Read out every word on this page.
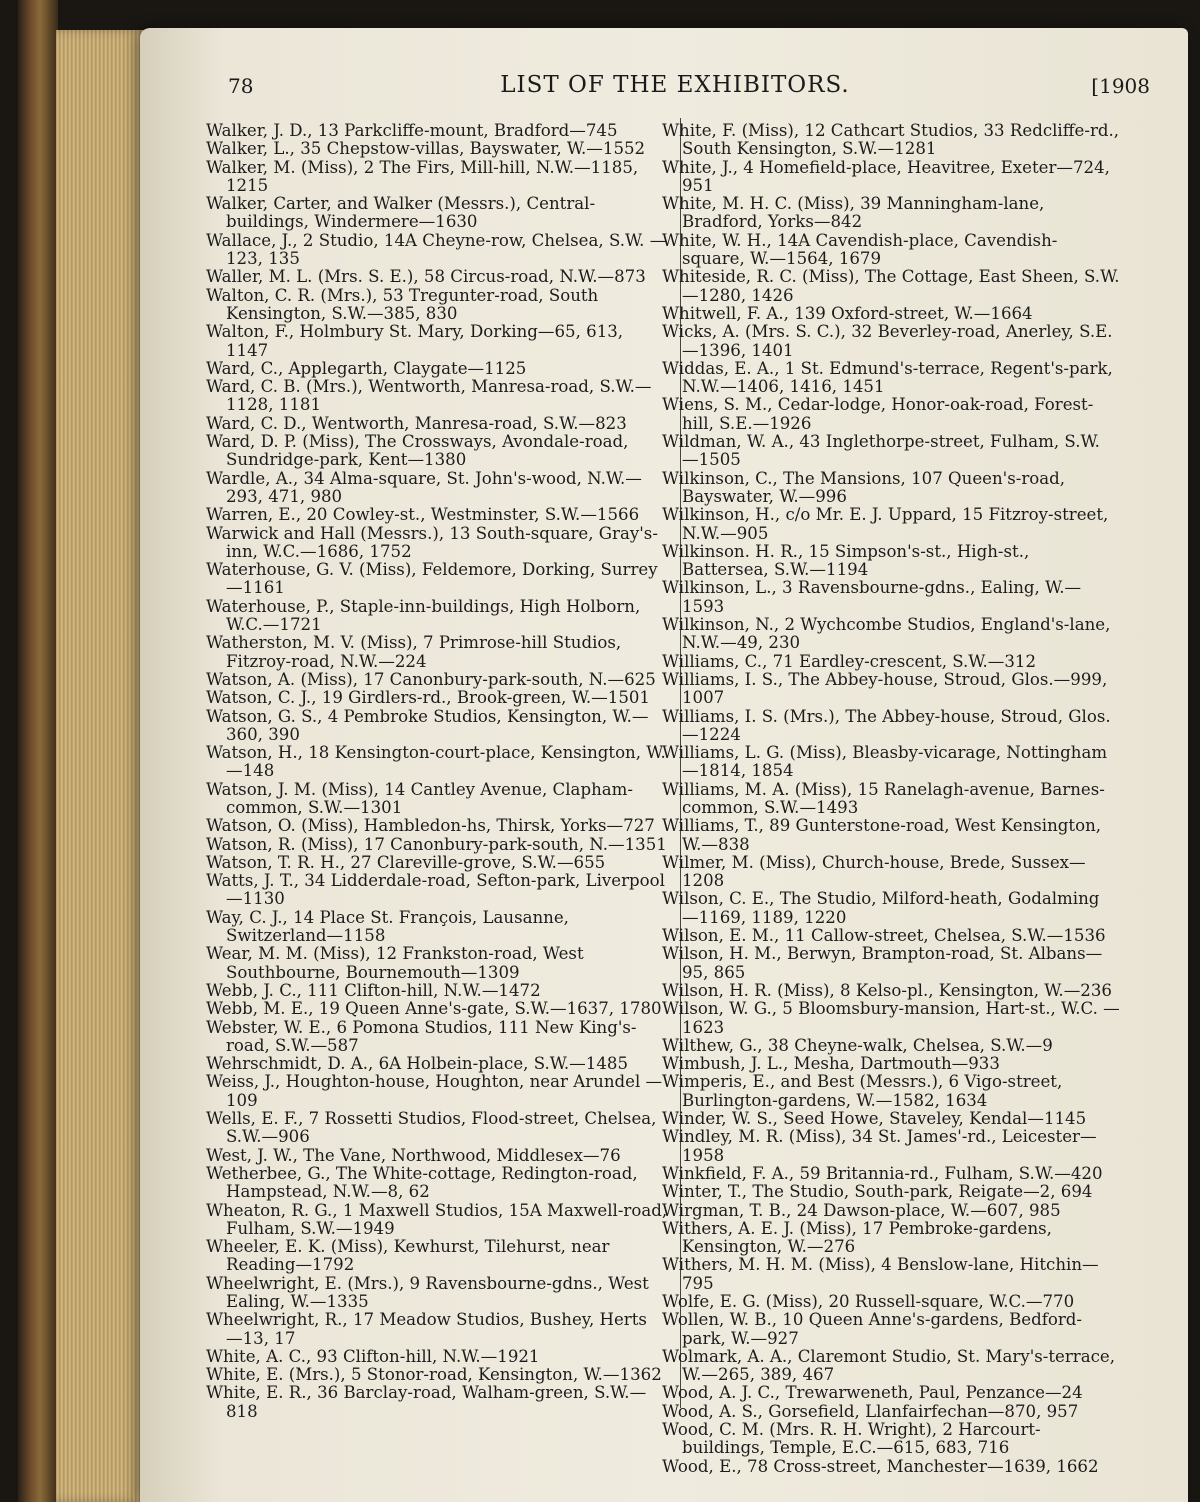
78	LIST OF THE EXHIBITORS.	[1908

Walker, J. D., 13 Parkcliffe-mount, Bradford—745

Walker, L., 35 Chepstow-villas, Bayswater, W.—1552

Walker, M. (Miss), 2 The Firs, Mill-hill, N.W.—1185, 1215

Walker, Carter, and Walker (Messrs.), Central-buildings, Windermere—1630

Wallace, J., 2 Studio, 14A Cheyne-row, Chelsea, S.W. —123, 135

Waller, M. L. (Mrs. S. E.), 58 Circus-road, N.W.—873

Walton, C. R. (Mrs.), 53 Tregunter-road, South Kensington, S.W.—385, 830

Walton, F., Holmbury St. Mary, Dorking—65, 613, 1147

Ward, C., Applegarth, Claygate—1125

Ward, C. B. (Mrs.), Wentworth, Manresa-road, S.W.—1128, 1181

Ward, C. D., Wentworth, Manresa-road, S.W.—823

Ward, D. P. (Miss), The Crossways, Avondale-road, Sundridge-park, Kent—1380

Wardle, A., 34 Alma-square, St. John's-wood, N.W.—293, 471, 980

Warren, E., 20 Cowley-st., Westminster, S.W.—1566

Warwick and Hall (Messrs.), 13 South-square, Gray's-inn, W.C.—1686, 1752

Waterhouse, G. V. (Miss), Feldemore, Dorking, Surrey —1161

Waterhouse, P., Staple-inn-buildings, High Holborn, W.C.—1721

Watherston, M. V. (Miss), 7 Primrose-hill Studios, Fitzroy-road, N.W.—224

Watson, A. (Miss), 17 Canonbury-park-south, N.—625

Watson, C. J., 19 Girdlers-rd., Brook-green, W.—1501

Watson, G. S., 4 Pembroke Studios, Kensington, W.—360, 390

Watson, H., 18 Kensington-court-place, Kensington, W.—148

Watson, J. M. (Miss), 14 Cantley Avenue, Clapham-common, S.W.—1301

Watson, O. (Miss), Hambledon-hs, Thirsk, Yorks—727

Watson, R. (Miss), 17 Canonbury-park-south, N.—1351

Watson, T. R. H., 27 Clareville-grove, S.W.—655

Watts, J. T., 34 Lidderdale-road, Sefton-park, Liverpool—1130

Way, C. J., 14 Place St. François, Lausanne, Switzerland—1158

Wear, M. M. (Miss), 12 Frankston-road, West Southbourne, Bournemouth—1309

Webb, J. C., 111 Clifton-hill, N.W.—1472

Webb, M. E., 19 Queen Anne's-gate, S.W.—1637, 1780

Webster, W. E., 6 Pomona Studios, 111 New King's-road, S.W.—587

Wehrschmidt, D. A., 6A Holbein-place, S.W.—1485

Weiss, J., Houghton-house, Houghton, near Arundel —109

Wells, E. F., 7 Rossetti Studios, Flood-street, Chelsea, S.W.—906

West, J. W., The Vane, Northwood, Middlesex—76

Wetherbee, G., The White-cottage, Redington-road, Hampstead, N.W.—8, 62

Wheaton, R. G., 1 Maxwell Studios, 15A Maxwell-road, Fulham, S.W.—1949

Wheeler, E. K. (Miss), Kewhurst, Tilehurst, near Reading—1792

Wheelwright, E. (Mrs.), 9 Ravensbourne-gdns., West Ealing, W.—1335

Wheelwright, R., 17 Meadow Studios, Bushey, Herts —13, 17

White, A. C., 93 Clifton-hill, N.W.—1921

White, E. (Mrs.), 5 Stonor-road, Kensington, W.—1362

White, E. R., 36 Barclay-road, Walham-green, S.W.—818

White, F. (Miss), 12 Cathcart Studios, 33 Redcliffe-rd., South Kensington, S.W.—1281

White, J., 4 Homefield-place, Heavitree, Exeter—724, 951

White, M. H. C. (Miss), 39 Manningham-lane, Bradford, Yorks—842

White, W. H., 14A Cavendish-place, Cavendish-square, W.—1564, 1679

Whiteside, R. C. (Miss), The Cottage, East Sheen, S.W. —1280, 1426

Whitwell, F. A., 139 Oxford-street, W.—1664

Wicks, A. (Mrs. S. C.), 32 Beverley-road, Anerley, S.E. —1396, 1401

Widdas, E. A., 1 St. Edmund's-terrace, Regent's-park, N.W.—1406, 1416, 1451

Wiens, S. M., Cedar-lodge, Honor-oak-road, Forest-hill, S.E.—1926

Wildman, W. A., 43 Inglethorpe-street, Fulham, S.W. —1505

Wilkinson, C., The Mansions, 107 Queen's-road, Bayswater, W.—996

Wilkinson, H., c/o Mr. E. J. Uppard, 15 Fitzroy-street, N.W.—905

Wilkinson. H. R., 15 Simpson's-st., High-st., Battersea, S.W.—1194

Wilkinson, L., 3 Ravensbourne-gdns., Ealing, W.—1593

Wilkinson, N., 2 Wychcombe Studios, England's-lane, N.W.—49, 230

Williams, C., 71 Eardley-crescent, S.W.—312

Williams, I. S., The Abbey-house, Stroud, Glos.—999, 1007

Williams, I. S. (Mrs.), The Abbey-house, Stroud, Glos.—1224

Williams, L. G. (Miss), Bleasby-vicarage, Nottingham —1814, 1854

Williams, M. A. (Miss), 15 Ranelagh-avenue, Barnes-common, S.W.—1493

Williams, T., 89 Gunterstone-road, West Kensington, W.—838

Wilmer, M. (Miss), Church-house, Brede, Sussex—1208

Wilson, C. E., The Studio, Milford-heath, Godalming —1169, 1189, 1220

Wilson, E. M., 11 Callow-street, Chelsea, S.W.—1536

Wilson, H. M., Berwyn, Brampton-road, St. Albans—95, 865

Wilson, H. R. (Miss), 8 Kelso-pl., Kensington, W.—236

Wilson, W. G., 5 Bloomsbury-mansion, Hart-st., W.C. —1623

Wilthew, G., 38 Cheyne-walk, Chelsea, S.W.—9

Wimbush, J. L., Mesha, Dartmouth—933

Wimperis, E., and Best (Messrs.), 6 Vigo-street, Burlington-gardens, W.—1582, 1634

Winder, W. S., Seed Howe, Staveley, Kendal—1145

Windley, M. R. (Miss), 34 St. James'-rd., Leicester—1958

Winkfield, F. A., 59 Britannia-rd., Fulham, S.W.—420

Winter, T., The Studio, South-park, Reigate—2, 694

Wirgman, T. B., 24 Dawson-place, W.—607, 985

Withers, A. E. J. (Miss), 17 Pembroke-gardens, Kensington, W.—276

Withers, M. H. M. (Miss), 4 Benslow-lane, Hitchin—795

Wolfe, E. G. (Miss), 20 Russell-square, W.C.—770

Wollen, W. B., 10 Queen Anne's-gardens, Bedford-park, W.—927

Wolmark, A. A., Claremont Studio, St. Mary's-terrace, W.—265, 389, 467

Wood, A. J. C., Trewarweneth, Paul, Penzance—24

Wood, A. S., Gorsefield, Llanfairfechan—870, 957

Wood, C. M. (Mrs. R. H. Wright), 2 Harcourt-buildings, Temple, E.C.—615, 683, 716

Wood, E., 78 Cross-street, Manchester—1639, 1662
